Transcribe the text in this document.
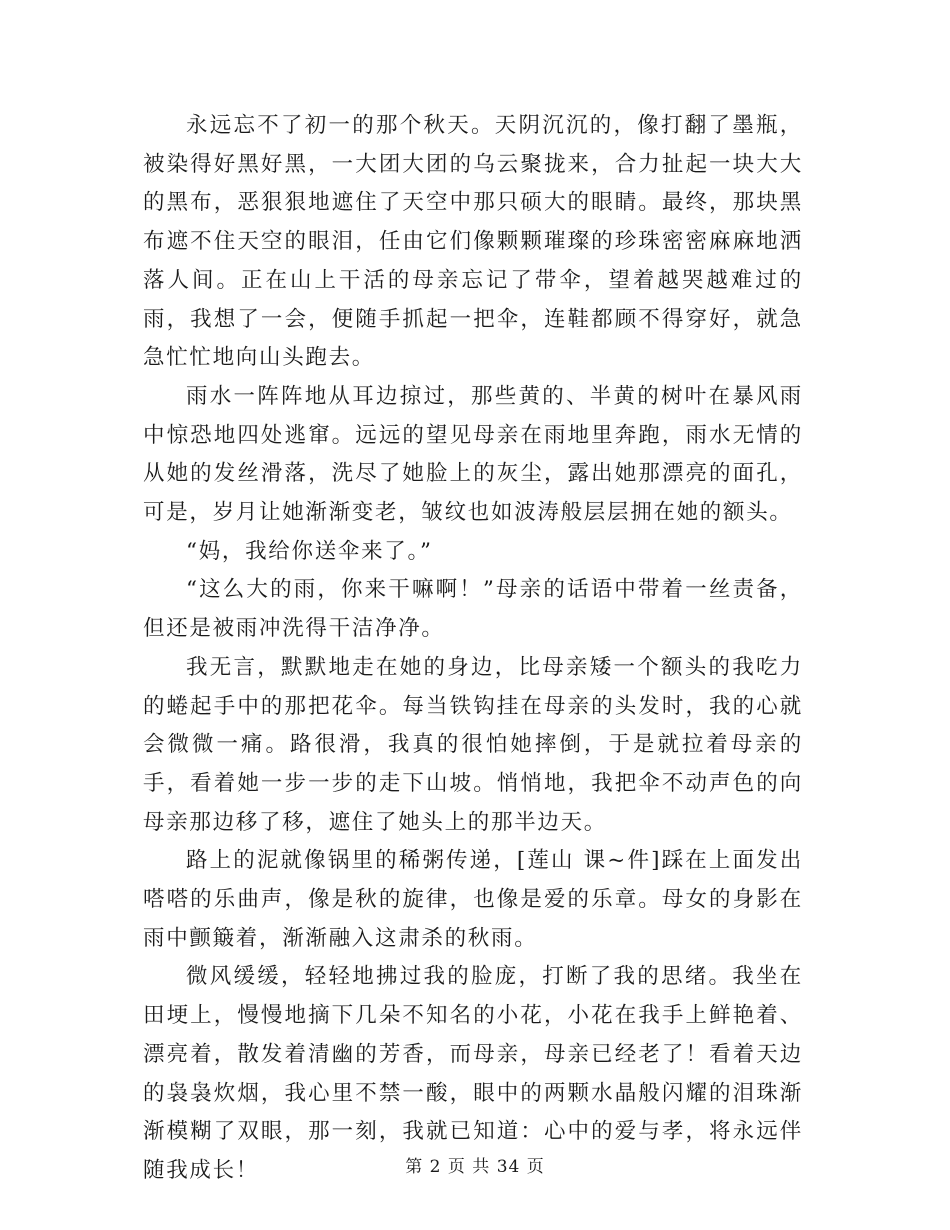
永远忘不了初一的那个秋天。天阴沉沉的，像打翻了墨瓶，被染得好黑好黑，一大团大团的乌云聚拢来，合力扯起一块大大的黑布，恶狠狠地遮住了天空中那只硕大的眼睛。最终，那块黑布遮不住天空的眼泪，任由它们像颗颗璀璨的珍珠密密麻麻地洒落人间。正在山上干活的母亲忘记了带伞，望着越哭越难过的雨，我想了一会，便随手抓起一把伞，连鞋都顾不得穿好，就急急忙忙地向山头跑去。

雨水一阵阵地从耳边掠过，那些黄的、半黄的树叶在暴风雨中惊恐地四处逃窜。远远的望见母亲在雨地里奔跑，雨水无情的从她的发丝滑落，洗尽了她脸上的灰尘，露出她那漂亮的面孔，可是，岁月让她渐渐变老，皱纹也如波涛般层层拥在她的额头。

“妈，我给你送伞来了。”

“这么大的雨，你来干嘛啊！”母亲的话语中带着一丝责备，但还是被雨冲洗得干洁净净。

我无言，默默地走在她的身边，比母亲矮一个额头的我吃力的蜷起手中的那把花伞。每当铁钩挂在母亲的头发时，我的心就会微微一痛。路很滑，我真的很怕她摔倒，于是就拉着母亲的手，看着她一步一步的走下山坡。悄悄地，我把伞不动声色的向母亲那边移了移，遮住了她头上的那半边天。

路上的泥就像锅里的稀粥传递，[莲山 课~件]踩在上面发出嗒嗒的乐曲声，像是秋的旋律，也像是爱的乐章。母女的身影在雨中颤簸着，渐渐融入这肃杀的秋雨。

微风缓缓，轻轻地拂过我的脸庞，打断了我的思绪。我坐在田埂上，慢慢地摘下几朵不知名的小花，小花在我手上鲜艳着、漂亮着，散发着清幽的芳香，而母亲，母亲已经老了！看着天边的袅袅炊烟，我心里不禁一酸，眼中的两颗水晶般闪耀的泪珠渐渐模糊了双眼，那一刻，我就已知道：心中的爱与孝，将永远伴随我成长！	第 2 页 共 34 页
